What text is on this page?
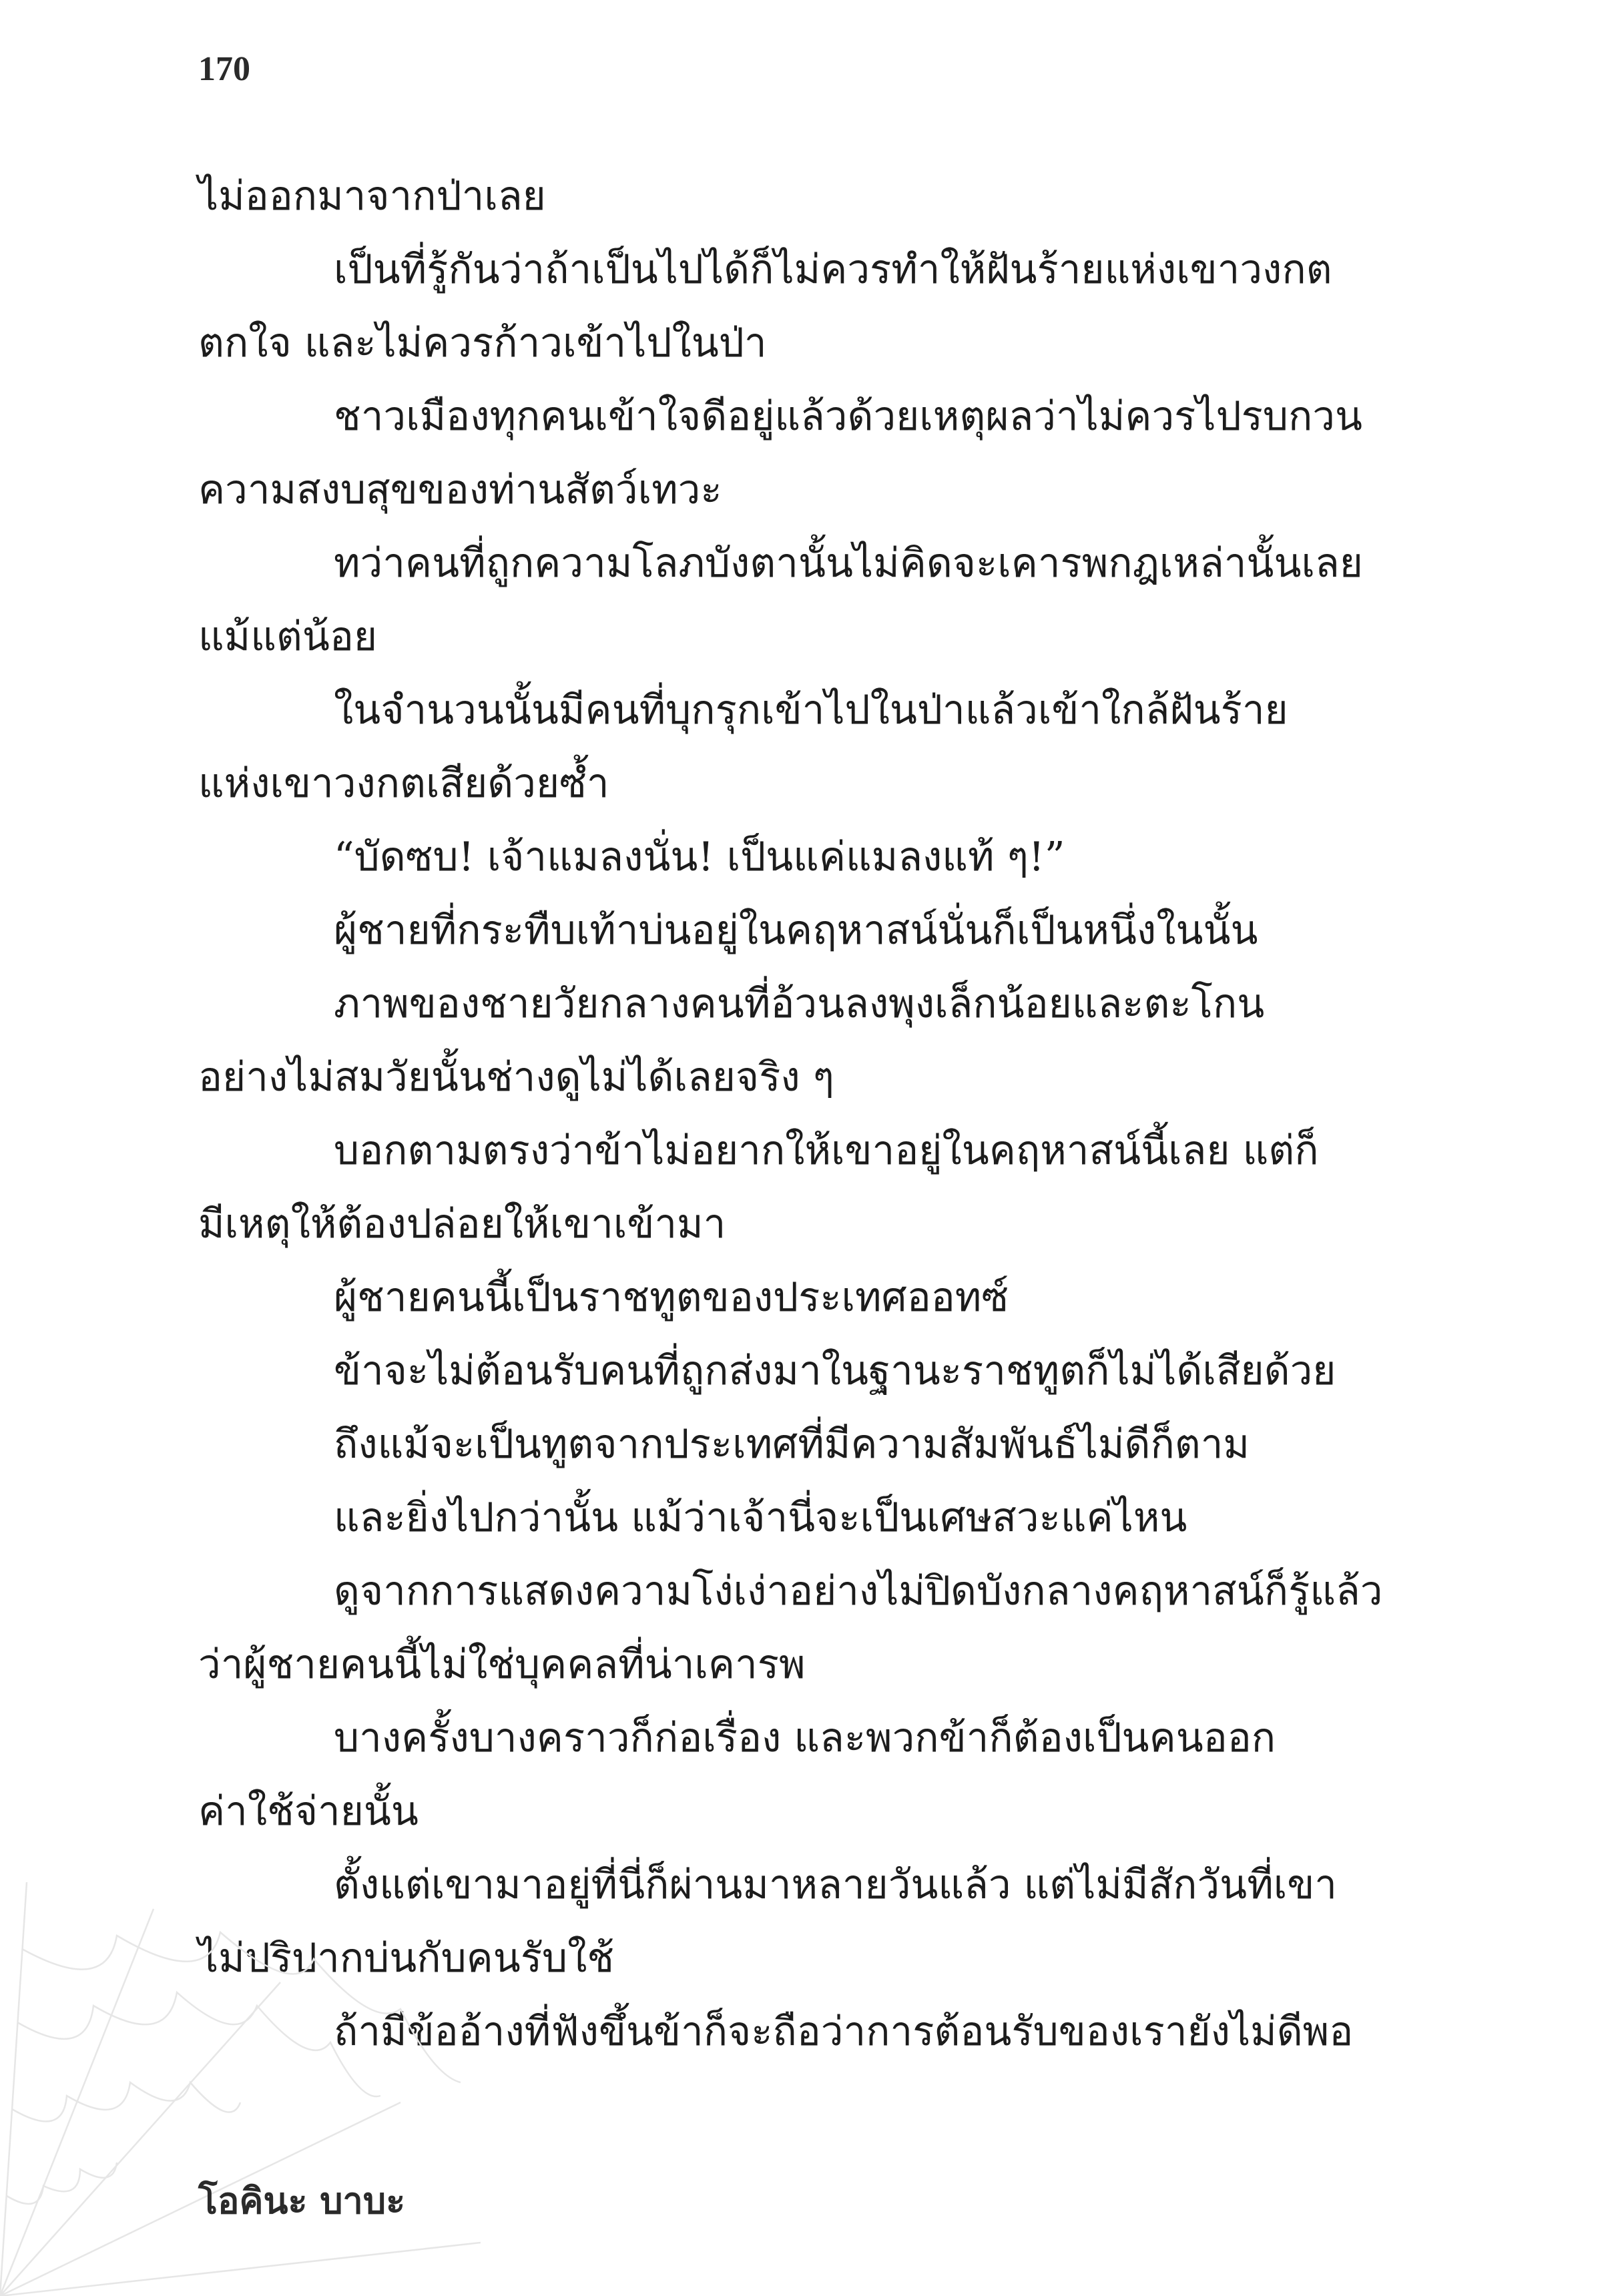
170
ไม่ออกมาจากป่าเลย
เป็นที่รู้กันว่าถ้าเป็นไปได้ก็ไม่ควรทำให้ฝันร้ายแห่งเขาวงกต
ตกใจ และไม่ควรก้าวเข้าไปในป่า
ชาวเมืองทุกคนเข้าใจดีอยู่แล้วด้วยเหตุผลว่าไม่ควรไปรบกวน
ความสงบสุขของท่านสัตว์เทวะ
ทว่าคนที่ถูกความโลภบังตานั้นไม่คิดจะเคารพกฎเหล่านั้นเลย
แม้แต่น้อย
ในจำนวนนั้นมีคนที่บุกรุกเข้าไปในป่าแล้วเข้าใกล้ฝันร้าย
แห่งเขาวงกตเสียด้วยซ้ำ
“บัดซบ! เจ้าแมลงนั่น! เป็นแค่แมลงแท้ ๆ!”
ผู้ชายที่กระทืบเท้าบ่นอยู่ในคฤหาสน์นั่นก็เป็นหนึ่งในนั้น
ภาพของชายวัยกลางคนที่อ้วนลงพุงเล็กน้อยและตะโกน
อย่างไม่สมวัยนั้นช่างดูไม่ได้เลยจริง ๆ
บอกตามตรงว่าข้าไม่อยากให้เขาอยู่ในคฤหาสน์นี้เลย แต่ก็
มีเหตุให้ต้องปล่อยให้เขาเข้ามา
ผู้ชายคนนี้เป็นราชทูตของประเทศออทซ์
ข้าจะไม่ต้อนรับคนที่ถูกส่งมาในฐานะราชทูตก็ไม่ได้เสียด้วย
ถึงแม้จะเป็นทูตจากประเทศที่มีความสัมพันธ์ไม่ดีก็ตาม
และยิ่งไปกว่านั้น แม้ว่าเจ้านี่จะเป็นเศษสวะแค่ไหน
ดูจากการแสดงความโง่เง่าอย่างไม่ปิดบังกลางคฤหาสน์ก็รู้แล้ว
ว่าผู้ชายคนนี้ไม่ใช่บุคคลที่น่าเคารพ
บางครั้งบางคราวก็ก่อเรื่อง และพวกข้าก็ต้องเป็นคนออก
ค่าใช้จ่ายนั้น
ตั้งแต่เขามาอยู่ที่นี่ก็ผ่านมาหลายวันแล้ว แต่ไม่มีสักวันที่เขา
ไม่ปริปากบ่นกับคนรับใช้
ถ้ามีข้ออ้างที่ฟังขึ้นข้าก็จะถือว่าการต้อนรับของเรายังไม่ดีพอ
โอคินะ บาบะ
